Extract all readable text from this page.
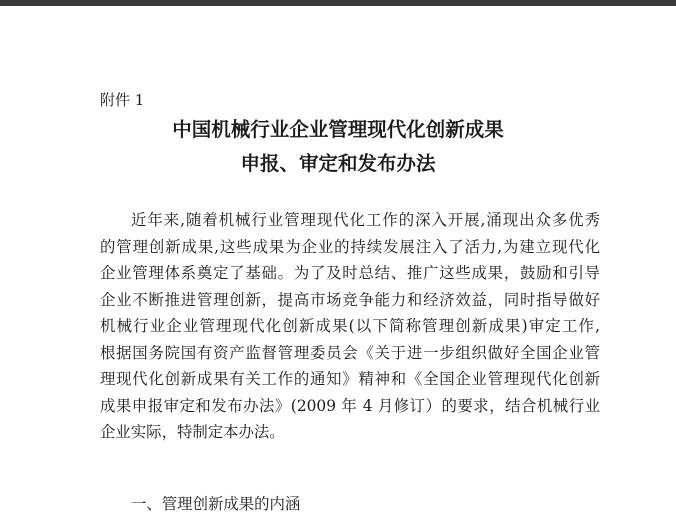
附件 1
中国机械行业企业管理现代化创新成果
申报、审定和发布办法
近年来,随着机械行业管理现代化工作的深入开展,涌现出众多优秀
的管理创新成果,这些成果为企业的持续发展注入了活力,为建立现代化
企业管理体系奠定了基础。为了及时总结、推广这些成果，鼓励和引导
企业不断推进管理创新，提高市场竞争能力和经济效益，同时指导做好
机械行业企业管理现代化创新成果(以下简称管理创新成果)审定工作,
根据国务院国有资产监督管理委员会《关于进一步组织做好全国企业管
理现代化创新成果有关工作的通知》精神和《全国企业管理现代化创新
成果申报审定和发布办法》(2009 年 4 月修订）的要求，结合机械行业
企业实际，特制定本办法。
一、管理创新成果的内涵
